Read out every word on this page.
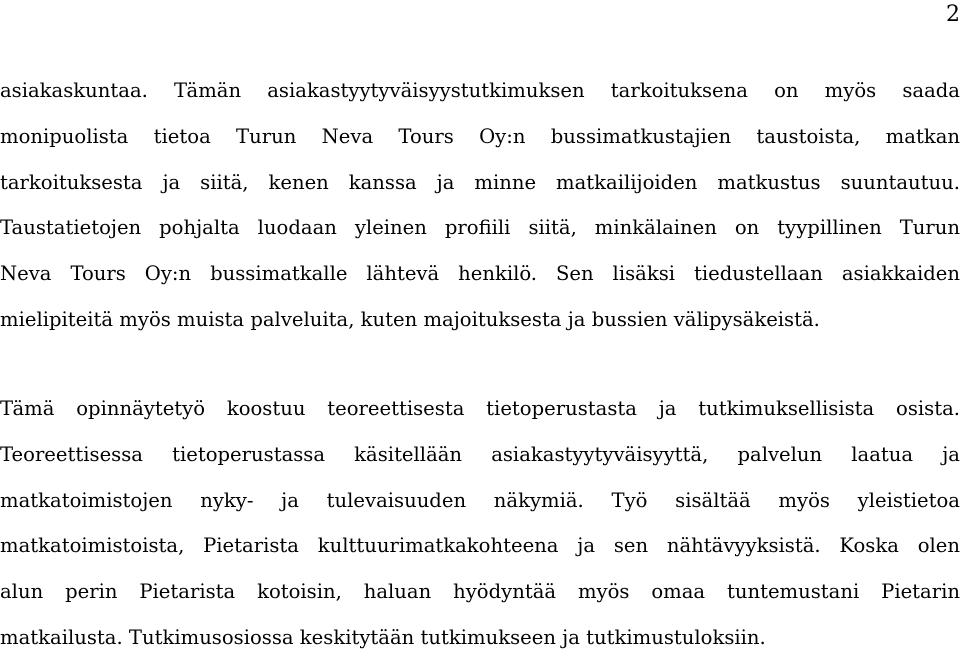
2
asiakaskuntaa. Tämän asiakastyytyväisyystutkimuksen tarkoituksena on myös saada
monipuolista tietoa Turun Neva Tours Oy:n bussimatkustajien taustoista, matkan
tarkoituksesta ja siitä, kenen kanssa ja minne matkailijoiden matkustus suuntautuu.
Taustatietojen pohjalta luodaan yleinen profiili siitä, minkälainen on tyypillinen Turun
Neva Tours Oy:n bussimatkalle lähtevä henkilö. Sen lisäksi tiedustellaan asiakkaiden
mielipiteitä myös muista palveluita, kuten majoituksesta ja bussien välipysäkeistä.
Tämä opinnäytetyö koostuu teoreettisesta tietoperustasta ja tutkimuksellisista osista.
Teoreettisessa tietoperustassa käsitellään asiakastyytyväisyyttä, palvelun laatua ja
matkatoimistojen nyky- ja tulevaisuuden näkymiä. Työ sisältää myös yleistietoa
matkatoimistoista, Pietarista kulttuurimatkakohteena ja sen nähtävyyksistä. Koska olen
alun perin Pietarista kotoisin, haluan hyödyntää myös omaa tuntemustani Pietarin
matkailusta. Tutkimusosiossa keskitytään tutkimukseen ja tutkimustuloksiin.
